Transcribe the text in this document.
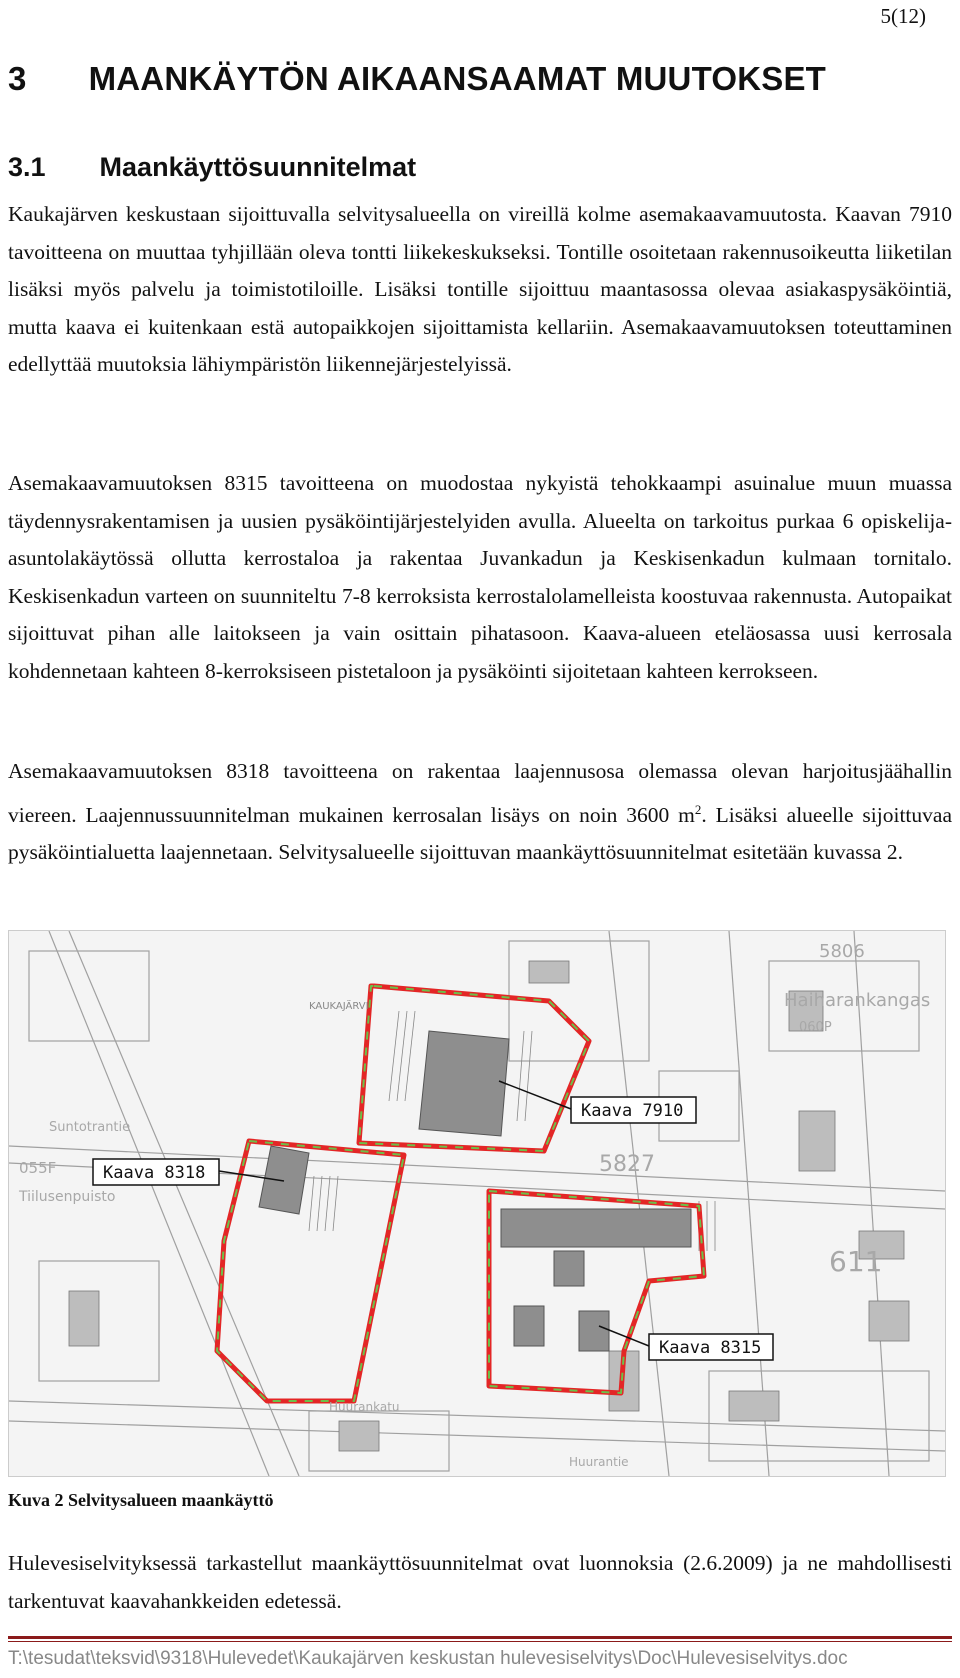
5(12)
3 MAANKÄYTÖN AIKAANSAAMAT MUUTOKSET
3.1 Maankäyttösuunnitelmat

Kaukajärven keskustaan sijoittuvalla selvitysalueella on vireillä kolme asemakaavamuutosta. Kaavan 7910 tavoitteena on muuttaa tyhjillään oleva tontti liikekeskukseksi. Tontille osoitetaan rakennusoikeutta liiketilan lisäksi myös palvelu ja toimistotiloille. Lisäksi tontille sijoittuu maantasossa olevaa asiakaspysäköintiä, mutta kaava ei kuitenkaan estä autopaikkojen sijoittamista kellariin. Asemakaavamuutoksen toteuttaminen edellyttää muutoksia lähiympäristön liikennejärjestelyissä.

Asemakaavamuutoksen 8315 tavoitteena on muodostaa nykyistä tehokkaampi asuinalue muun muassa täydennysrakentamisen ja uusien pysäköintijärjestelyiden avulla. Alueelta on tarkoitus purkaa 6 opiskelija-asuntolakäytössä ollutta kerrostaloa ja rakentaa Juvankadun ja Keskisenkadun kulmaan tornitalo. Keskisenkadun varteen on suunniteltu 7-8 kerroksista kerrostalolamelleista koostuvaa rakennusta. Autopaikat sijoittuvat pihan alle laitokseen ja vain osittain pihatasoon. Kaava-alueen eteläosassa uusi kerrosala kohdennetaan kahteen 8-kerroksiseen pistetaloon ja pysäköinti sijoitetaan kahteen kerrokseen.

Asemakaavamuutoksen 8318 tavoitteena on rakentaa laajennusosa olemassa olevan harjoitusjäähallin viereen. Laajennussuunnitelman mukainen kerrosalan lisäys on noin 3600 $m^2$. Lisäksi alueelle sijoittuvaa pysäköintialuetta laajennetaan. Selvitysalueelle sijoittuvan maankäyttösuunnitelmat esitetään kuvassa 2.

Kaava 7910
Kaava 8318
Kaava 8315
5806
Haiharankangas
060P
KAUKAJÄRVI
5827
055F
Tiilusenpuisto
Suntotrantie
611
Huurankatu
Huurantie

Kuva 2 Selvitysalueen maankäyttö

Hulevesiselvityksessä tarkastellut maankäyttösuunnitelmat ovat luonnoksia (2.6.2009) ja ne mahdollisesti tarkentuvat kaavahankkeiden edetessä.

T:\tesudat\teksvid\9318\Hulevedet\Kaukajärven keskustan hulevesiselvitys\Doc\Hulevesiselvitys.doc
